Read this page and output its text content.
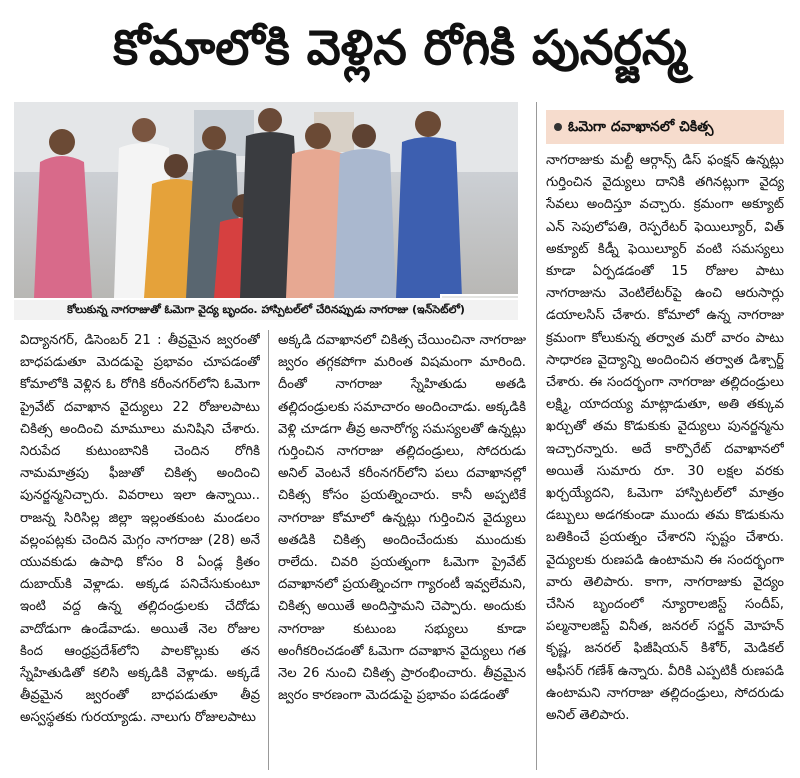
కోమాలోకి వెళ్లిన రోగికి పునర్జన్మ
కోలుకున్న నాగరాజుతో ఓమెగా వైద్య బృందం. హాస్పిటల్‌లో చేరినప్పుడు నాగరాజు (ఇన్‌సెట్‌లో)
ఓమెగా దవాఖానలో చికిత్స

విద్యానగర్, డిసెంబర్ 21 : తీవ్రమైన జ్వరంతో బాధపడుతూ మెదడుపై ప్రభావం చూపడంతో కోమాలోకి వెళ్లిన ఓ రోగికి కరీంనగర్‌లోని ఓమెగా ప్రైవేట్ దవాఖాన వైద్యులు 22 రోజులపాటు చికిత్స అందించి మామూలు మనిషిని చేశారు. నిరుపేద కుటుంబానికి చెందిన రోగికి నామమాత్రపు ఫీజుతో చికిత్స అందించి పునర్జన్మనిచ్చారు. వివరాలు ఇలా ఉన్నాయి.. రాజన్న సిరిసిల్ల జిల్లా ఇల్లంతకుంట మండలం వల్లంపట్లకు చెందిన మెగ్గం నాగరాజు (28) అనే యువకుడు ఉపాధి కోసం 8 ఏండ్ల క్రితం దుబాయ్‌కి వెళ్లాడు. అక్కడ పనిచేసుకుంటూ ఇంటి వద్ద ఉన్న తల్లిదండ్రులకు చేదోడు వాదోడుగా ఉండేవాడు. అయితే నెల రోజుల కింద ఆంధ్రప్రదేశ్‌లోని పాలకొల్లుకు తన స్నేహితుడితో కలిసి అక్కడికి వెళ్లాడు. అక్కడే తీవ్రమైన జ్వరంతో బాధపడుతూ తీవ్ర అస్వస్థతకు గురయ్యాడు. నాలుగు రోజులపాటు

అక్కడి దవాఖానలో చికిత్స చేయించినా నాగరాజు జ్వరం తగ్గకపోగా మరింత విషమంగా మారింది. దీంతో నాగరాజు స్నేహితుడు అతడి తల్లిదండ్రులకు సమాచారం అందించాడు. అక్కడికి వెళ్లి చూడగా తీవ్ర అనారోగ్య సమస్యలతో ఉన్నట్లు గుర్తించిన నాగరాజు తల్లిదండ్రులు, సోదరుడు అనిల్ వెంటనే కరీంనగర్‌లోని పలు దవాఖానల్లో చికిత్స కోసం ప్రయత్నించారు. కానీ అప్పటికే నాగరాజు కోమాలో ఉన్నట్లు గుర్తించిన వైద్యులు అతడికి చికిత్స అందించేందుకు ముందుకు రాలేదు. చివరి ప్రయత్నంగా ఓమెగా ప్రైవేట్ దవాఖానలో ప్రయత్నించగా గ్యారంటీ ఇవ్వలేమని, చికిత్స అయితే అందిస్తామని చెప్పారు. అందుకు నాగరాజు కుటుంబ సభ్యులు కూడా అంగీకరించడంతో ఓమెగా దవాఖాన వైద్యులు గత నెల 26 నుంచి చికిత్స ప్రారంభించారు. తీవ్రమైన జ్వరం కారణంగా మెదడుపై ప్రభావం పడడంతో

నాగరాజుకు మల్టీ ఆర్గాన్స్ డిస్ ఫంక్షన్ ఉన్నట్లు గుర్తించిన వైద్యులు దానికి తగినట్లుగా వైద్య సేవలు అందిస్తూ వచ్చారు. క్రమంగా అక్యూట్ ఎన్ సెపులోపతి, రెస్పరేటర్ ఫెయిల్యూర్, విత్ అక్యూట్ కిడ్నీ ఫెయిల్యూర్ వంటి సమస్యలు కూడా ఏర్పడడంతో 15 రోజుల పాటు నాగరాజును వెంటిలేటర్‌పై ఉంచి ఆరుసార్లు డయాలసిస్ చేశారు. కోమాలో ఉన్న నాగరాజు క్రమంగా కోలుకున్న తర్వాత మరో వారం పాటు సాధారణ వైద్యాన్ని అందించిన తర్వాత డిశ్చార్జ్ చేశారు. ఈ సందర్భంగా నాగరాజు తల్లిదండ్రులు లక్ష్మి, యాదయ్య మాట్లాడుతూ, అతి తక్కువ ఖర్చుతో తమ కొడుకుకు వైద్యులు పునర్జన్మను ఇచ్చారన్నారు. అదే కార్పొరేట్ దవాఖానలో అయితే సుమారు రూ. 30 లక్షల వరకు ఖర్చయ్యేదని, ఓమెగా హాస్పిటల్‌లో మాత్రం డబ్బులు అడగకుండా ముందు తమ కొడుకును బతికించే ప్రయత్నం చేశారని స్పష్టం చేశారు. వైద్యులకు రుణపడి ఉంటామని ఈ సందర్భంగా వారు తెలిపారు. కాగా, నాగరాజుకు వైద్యం చేసిన బృందంలో న్యూరాలజిస్ట్ సందీప్, పల్మనాలజిస్ట్ వినీత, జనరల్ సర్జన్ మోహన్ కృష్ణ, జనరల్ ఫిజీషియన్ కిశోర్, మెడికల్ ఆఫీసర్ గణేశ్ ఉన్నారు. వీరికి ఎప్పటికీ రుణపడి ఉంటామని నాగరాజు తల్లిదండ్రులు, సోదరుడు అనిల్ తెలిపారు.
